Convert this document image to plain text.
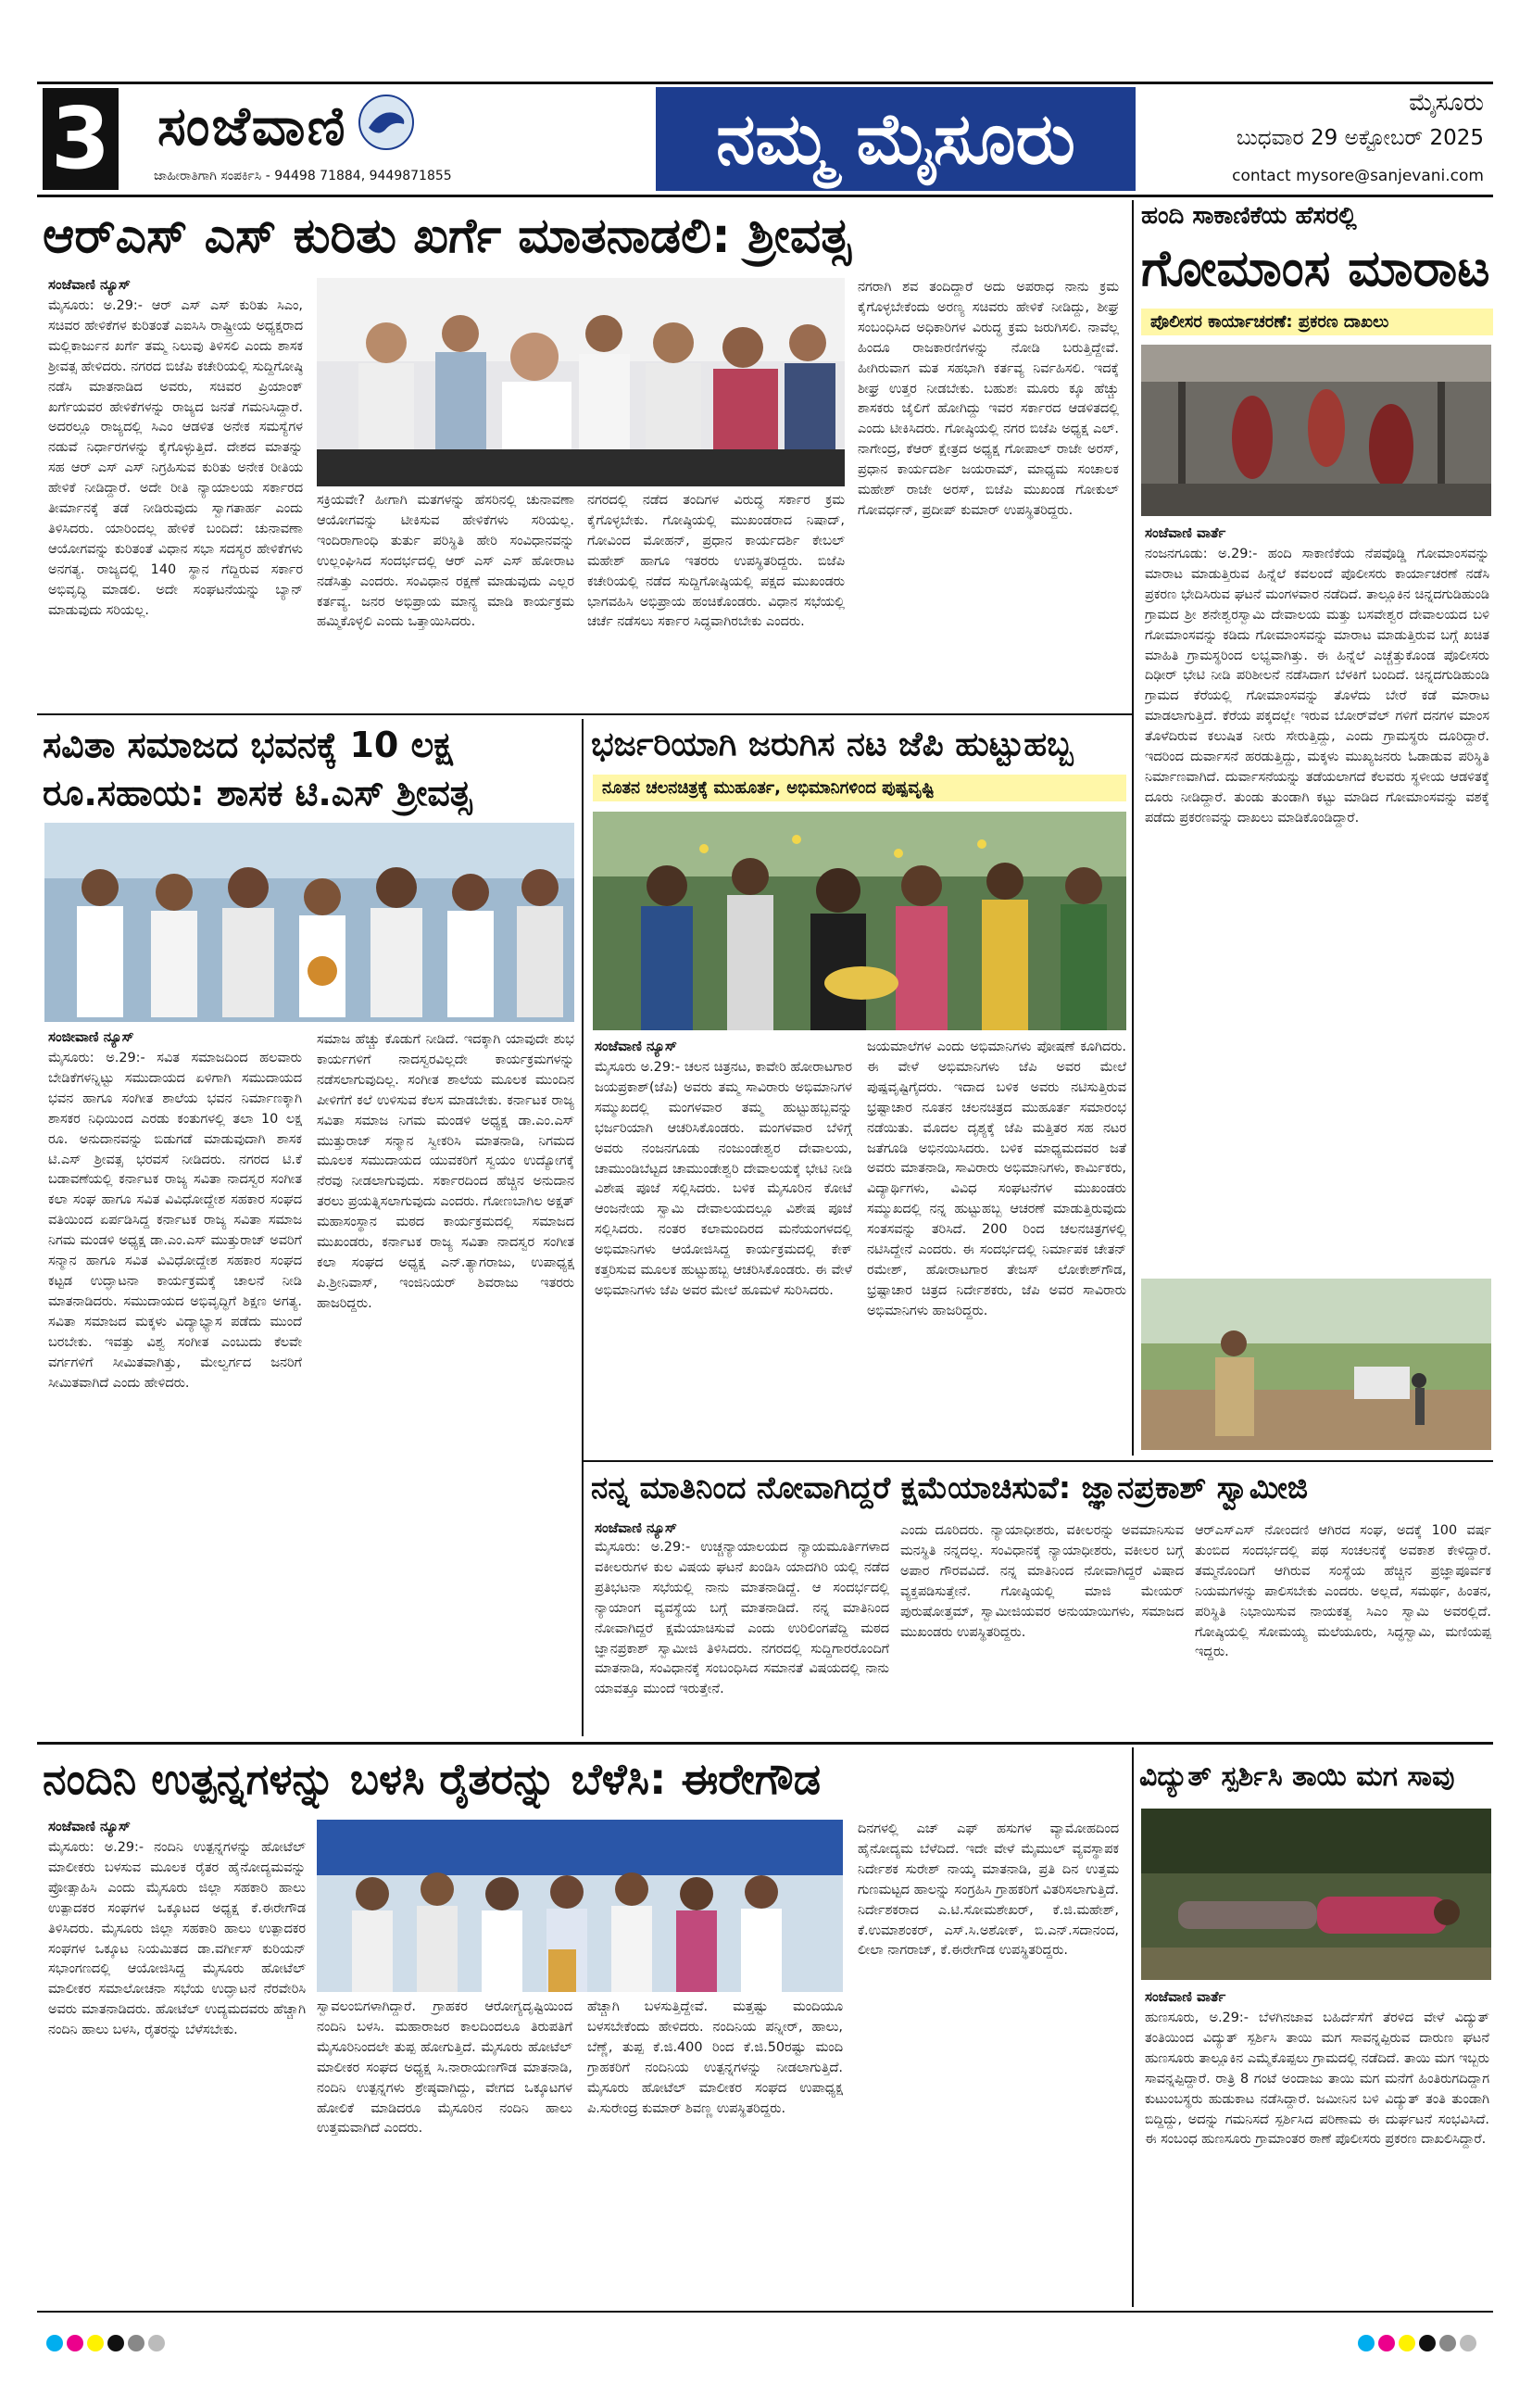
3 ಸಂಜೆವಾಣಿ
ಜಾಹೀರಾತಿಗಾಗಿ ಸಂಪರ್ಕಿಸಿ - 94498 71884, 9449871855	ನಮ್ಮ ಮೈಸೂರು	ಮೈಸೂರು
ಬುಧವಾರ 29 ಅಕ್ಟೋಬರ್ 2025
contact mysore@sanjevani.com
ಆರ್‌ಎಸ್ ಎಸ್ ಕುರಿತು ಖರ್ಗೆ ಮಾತನಾಡಲಿ: ಶ್ರೀವತ್ಸ
ಸಂಜೆವಾಣಿ ನ್ಯೂಸ್
ಮೈಸೂರು: ಅ.29:- ಆರ್ ಎಸ್ ಎಸ್ ಕುರಿತು ಸಿಎಂ, ಸಚಿವರ ಹೇಳಿಕೆಗಳ ಕುರಿತಂತೆ ಎಐಸಿಸಿ ರಾಷ್ಟ್ರೀಯ ಅಧ್ಯಕ್ಷರಾದ ಮಲ್ಲಿಕಾರ್ಜುನ ಖರ್ಗೆ ತಮ್ಮ ನಿಲುವು ತಿಳಿಸಲಿ ಎಂದು ಶಾಸಕ ಶ್ರೀವತ್ಸ ಹೇಳಿದರು. ನಗರದ ಬಿಜೆಪಿ ಕಚೇರಿಯಲ್ಲಿ ಸುದ್ದಿಗೋಷ್ಠಿ ನಡೆಸಿ ಮಾತನಾಡಿದ ಅವರು, ಸಚಿವರ ಪ್ರಿಯಾಂಕ್ ಖರ್ಗೆಯವರ ಹೇಳಿಕೆಗಳನ್ನು ರಾಜ್ಯದ ಜನತೆ ಗಮನಿಸಿದ್ದಾರೆ. ಅದರಲ್ಲೂ ರಾಜ್ಯದಲ್ಲಿ ಸಿಎಂ ಆಡಳಿತ ಅನೇಕ ಸಮಸ್ಯೆಗಳ ನಡುವೆ ನಿರ್ಧಾರಗಳನ್ನು ಕೈಗೊಳ್ಳುತ್ತಿದೆ. ದೇಶದ ಮಾತನ್ನು ಸಹ ಆರ್ ಎಸ್ ಎಸ್ ನಿಗ್ರಹಿಸುವ ಕುರಿತು ಅನೇಕ ರೀತಿಯ ಹೇಳಿಕೆ ನೀಡಿದ್ದಾರೆ. ಅದೇ ರೀತಿ ನ್ಯಾಯಾಲಯ ಸರ್ಕಾರದ ತೀರ್ಮಾನಕ್ಕೆ ತಡೆ ನೀಡಿರುವುದು ಸ್ವಾಗತಾರ್ಹ ಎಂದು ತಿಳಿಸಿದರು. ಯಾರಿಂದಲ್ಲ ಹೇಳಿಕೆ ಬಂದಿದೆ: ಚುನಾವಣಾ ಆಯೋಗವನ್ನು ಕುರಿತಂತೆ ವಿಧಾನ ಸಭಾ ಸದಸ್ಯರ ಹೇಳಿಕೆಗಳು ಅನಗತ್ಯ. ರಾಜ್ಯದಲ್ಲಿ 140 ಸ್ಥಾನ ಗೆದ್ದಿರುವ ಸರ್ಕಾರ ಅಭಿವೃದ್ಧಿ ಮಾಡಲಿ. ಅದೇ ಸಂಘಟನೆಯನ್ನು ಬ್ಯಾನ್ ಮಾಡುವುದು ಸರಿಯಲ್ಲ.
ಸಕ್ರಿಯವೇ? ಹೀಗಾಗಿ ಮತಗಳನ್ನು ಹೆಸರಿನಲ್ಲಿ ಚುನಾವಣಾ ಆಯೋಗವನ್ನು ಟೀಕಿಸುವ ಹೇಳಿಕೆಗಳು ಸರಿಯಲ್ಲ. ಇಂದಿರಾಗಾಂಧಿ ತುರ್ತು ಪರಿಸ್ಥಿತಿ ಹೇರಿ ಸಂವಿಧಾನವನ್ನು ಉಲ್ಲಂಘಿಸಿದ ಸಂದರ್ಭದಲ್ಲಿ ಆರ್ ಎಸ್ ಎಸ್ ಹೋರಾಟ ನಡೆಸಿತ್ತು ಎಂದರು. ಸಂವಿಧಾನ ರಕ್ಷಣೆ ಮಾಡುವುದು ಎಲ್ಲರ ಕರ್ತವ್ಯ. ಜನರ ಅಭಿಪ್ರಾಯ ಮಾನ್ಯ ಮಾಡಿ ಕಾರ್ಯಕ್ರಮ ಹಮ್ಮಿಕೊಳ್ಳಲಿ ಎಂದು ಒತ್ತಾಯಿಸಿದರು.
ನಗರದಲ್ಲಿ ನಡೆದ ತಂದಿಗಳ ವಿರುದ್ಧ ಸರ್ಕಾರ ಕ್ರಮ ಕೈಗೊಳ್ಳಬೇಕು. ಗೋಷ್ಠಿಯಲ್ಲಿ ಮುಖಂಡರಾದ ನಿಷಾದ್, ಗೋವಿಂದ ಮೋಹನ್, ಪ್ರಧಾನ ಕಾರ್ಯದರ್ಶಿ ಕೇಬಲ್ ಮಹೇಶ್ ಹಾಗೂ ಇತರರು ಉಪಸ್ಥಿತರಿದ್ದರು. ಬಿಜೆಪಿ ಕಚೇರಿಯಲ್ಲಿ ನಡೆದ ಸುದ್ದಿಗೋಷ್ಠಿಯಲ್ಲಿ ಪಕ್ಷದ ಮುಖಂಡರು ಭಾಗವಹಿಸಿ ಅಭಿಪ್ರಾಯ ಹಂಚಿಕೊಂಡರು. ವಿಧಾನ ಸಭೆಯಲ್ಲಿ ಚರ್ಚೆ ನಡೆಸಲು ಸರ್ಕಾರ ಸಿದ್ಧವಾಗಿರಬೇಕು ಎಂದರು.
ನಗರಾಗಿ ಶವ ತಂದಿದ್ದಾರೆ ಅದು ಅಪರಾಧ ನಾನು ಕ್ರಮ ಕೈಗೊಳ್ಳಬೇಕೆಂದು ಅರಣ್ಯ ಸಚಿವರು ಹೇಳಿಕೆ ನೀಡಿದ್ದು, ಶೀಘ್ರ ಸಂಬಂಧಿಸಿದ ಅಧಿಕಾರಿಗಳ ವಿರುದ್ಧ ಕ್ರಮ ಜರುಗಿಸಲಿ. ನಾವೆಲ್ಲ ಹಿಂದೂ ರಾಜಕಾರಣಿಗಳನ್ನು ನೋಡಿ ಬರುತ್ತಿದ್ದೇವೆ. ಹೀಗಿರುವಾಗ ಮತ ಸಹಭಾಗಿ ಕರ್ತವ್ಯ ನಿರ್ವಹಿಸಲಿ. ಇದಕ್ಕೆ ಶೀಘ್ರ ಉತ್ತರ ನೀಡಬೇಕು. ಬಹುಶಃ ಮೂರು ಕ್ಕೂ ಹೆಚ್ಚು ಶಾಸಕರು ಜೈಲಿಗೆ ಹೋಗಿದ್ದು ಇವರ ಸರ್ಕಾರದ ಆಡಳಿತದಲ್ಲಿ ಎಂದು ಟೀಕಿಸಿದರು. ಗೋಷ್ಠಿಯಲ್ಲಿ ನಗರ ಬಿಜೆಪಿ ಅಧ್ಯಕ್ಷ ಎಲ್. ನಾಗೇಂದ್ರ, ಕೆಆರ್ ಕ್ಷೇತ್ರದ ಅಧ್ಯಕ್ಷ ಗೋಪಾಲ್ ರಾಜೇ ಅರಸ್, ಪ್ರಧಾನ ಕಾರ್ಯದರ್ಶಿ ಜಯರಾಮ್, ಮಾಧ್ಯಮ ಸಂಚಾಲಕ ಮಹೇಶ್ ರಾಜೇ ಅರಸ್, ಬಿಜೆಪಿ ಮುಖಂಡ ಗೋಕುಲ್ ಗೋವರ್ಧನ್, ಪ್ರದೀಪ್ ಕುಮಾರ್ ಉಪಸ್ಥಿತರಿದ್ದರು.
ಹಂದಿ ಸಾಕಾಣಿಕೆಯ ಹೆಸರಲ್ಲಿ
ಗೋಮಾಂಸ ಮಾರಾಟ
ಪೊಲೀಸರ ಕಾರ್ಯಾಚರಣೆ: ಪ್ರಕರಣ ದಾಖಲು
ಸಂಜೆವಾಣಿ ವಾರ್ತೆ
ನಂಜನಗೂಡು: ಅ.29:- ಹಂದಿ ಸಾಕಾಣಿಕೆಯ ನೆಪವೊಡ್ಡಿ ಗೋಮಾಂಸವನ್ನು ಮಾರಾಟ ಮಾಡುತ್ತಿರುವ ಹಿನ್ನೆಲೆ ಕವಲಂದೆ ಪೊಲೀಸರು ಕಾರ್ಯಾಚರಣೆ ನಡೆಸಿ ಪ್ರಕರಣ ಭೇದಿಸಿರುವ ಘಟನೆ ಮಂಗಳವಾರ ನಡೆದಿದೆ. ತಾಲ್ಲೂಕಿನ ಚಿನ್ನದಗುಡಿಹುಂಡಿ ಗ್ರಾಮದ ಶ್ರೀ ಶನೇಶ್ವರಸ್ವಾಮಿ ದೇವಾಲಯ ಮತ್ತು ಬಸವೇಶ್ವರ ದೇವಾಲಯದ ಬಳಿ ಗೋಮಾಂಸವನ್ನು ಕಡಿದು ಗೋಮಾಂಸವನ್ನು ಮಾರಾಟ ಮಾಡುತ್ತಿರುವ ಬಗ್ಗೆ ಖಚಿತ ಮಾಹಿತಿ ಗ್ರಾಮಸ್ಥರಿಂದ ಲಭ್ಯವಾಗಿತ್ತು. ಈ ಹಿನ್ನೆಲೆ ಎಚ್ಚೆತ್ತುಕೊಂಡ ಪೊಲೀಸರು ದಿಢೀರ್ ಭೇಟಿ ನೀಡಿ ಪರಿಶೀಲನೆ ನಡೆಸಿದಾಗ ಬೆಳಕಿಗೆ ಬಂದಿದೆ. ಚಿನ್ನದಗುಡಿಹುಂಡಿ ಗ್ರಾಮದ ಕೆರೆಯಲ್ಲಿ ಗೋಮಾಂಸವನ್ನು ತೊಳೆದು ಬೇರೆ ಕಡೆ ಮಾರಾಟ ಮಾಡಲಾಗುತ್ತಿದೆ. ಕೆರೆಯ ಪಕ್ಕದಲ್ಲೇ ಇರುವ ಬೋರ್‌ವೆಲ್ ಗಳಿಗೆ ದನಗಳ ಮಾಂಸ ತೊಳೆದಿರುವ ಕಲುಷಿತ ನೀರು ಸೇರುತ್ತಿದ್ದು, ಎಂದು ಗ್ರಾಮಸ್ಥರು ದೂರಿದ್ದಾರೆ. ಇದರಿಂದ ದುರ್ವಾಸನೆ ಹರಡುತ್ತಿದ್ದು, ಮಕ್ಕಳು ಮುಖ್ಯಜನರು ಓಡಾಡುವ ಪರಿಸ್ಥಿತಿ ನಿರ್ಮಾಣವಾಗಿದೆ. ದುರ್ವಾಸನೆಯನ್ನು ತಡೆಯಲಾಗದೆ ಕೆಲವರು ಸ್ಥಳೀಯ ಆಡಳಿತಕ್ಕೆ ದೂರು ನೀಡಿದ್ದಾರೆ. ತುಂಡು ತುಂಡಾಗಿ ಕಟ್ಟು ಮಾಡಿದ ಗೋಮಾಂಸವನ್ನು ವಶಕ್ಕೆ ಪಡೆದು ಪ್ರಕರಣವನ್ನು ದಾಖಲು ಮಾಡಿಕೊಂಡಿದ್ದಾರೆ.
ಸವಿತಾ ಸಮಾಜದ ಭವನಕ್ಕೆ 10 ಲಕ್ಷ
ರೂ.ಸಹಾಯ: ಶಾಸಕ ಟಿ.ಎಸ್ ಶ್ರೀವತ್ಸ
ಸಂಜೀವಾಣಿ ನ್ಯೂಸ್
ಮೈಸೂರು: ಅ.29:- ಸವಿತ ಸಮಾಜದಿಂದ ಹಲವಾರು ಬೇಡಿಕೆಗಳನ್ನಿಟ್ಟು ಸಮುದಾಯದ ಏಳಿಗಾಗಿ ಸಮುದಾಯದ ಭವನ ಹಾಗೂ ಸಂಗೀತ ಶಾಲೆಯ ಭವನ ನಿರ್ಮಾಣಕ್ಕಾಗಿ ಶಾಸಕರ ನಿಧಿಯಿಂದ ಎರಡು ಕಂತುಗಳಲ್ಲಿ ತಲಾ 10 ಲಕ್ಷ ರೂ. ಅನುದಾನವನ್ನು ಬಿಡುಗಡೆ ಮಾಡುವುದಾಗಿ ಶಾಸಕ ಟಿ.ಎಸ್ ಶ್ರೀವತ್ಸ ಭರವಸೆ ನೀಡಿದರು. ನಗರದ ಟಿ.ಕೆ ಬಡಾವಣೆಯಲ್ಲಿ ಕರ್ನಾಟಕ ರಾಜ್ಯ ಸವಿತಾ ನಾದಸ್ವರ ಸಂಗೀತ ಕಲಾ ಸಂಘ ಹಾಗೂ ಸವಿತ ವಿವಿಧೋದ್ದೇಶ ಸಹಕಾರ ಸಂಘದ ವತಿಯಿಂದ ಏರ್ಪಡಿಸಿದ್ದ ಕರ್ನಾಟಕ ರಾಜ್ಯ ಸವಿತಾ ಸಮಾಜ ನಿಗಮ ಮಂಡಳಿ ಅಧ್ಯಕ್ಷ ಡಾ.ಎಂ.ಎಸ್ ಮುತ್ತುರಾಜ್ ಅವರಿಗೆ ಸನ್ಮಾನ ಹಾಗೂ ಸವಿತ ವಿವಿಧೋದ್ದೇಶ ಸಹಕಾರ ಸಂಘದ ಕಟ್ಟಡ ಉದ್ಘಾಟನಾ ಕಾರ್ಯಕ್ರಮಕ್ಕೆ ಚಾಲನೆ ನೀಡಿ ಮಾತನಾಡಿದರು. ಸಮುದಾಯದ ಅಭಿವೃದ್ಧಿಗೆ ಶಿಕ್ಷಣ ಅಗತ್ಯ. ಸವಿತಾ ಸಮಾಜದ ಮಕ್ಕಳು ವಿದ್ಯಾಭ್ಯಾಸ ಪಡೆದು ಮುಂದೆ ಬರಬೇಕು. ಇವತ್ತು ವಿಶ್ವ ಸಂಗೀತ ಎಂಬುದು ಕೆಲವೇ ವರ್ಗಗಳಿಗೆ ಸೀಮಿತವಾಗಿತ್ತು, ಮೇಲ್ವರ್ಗದ ಜನರಿಗೆ ಸೀಮಿತವಾಗಿದೆ ಎಂದು ಹೇಳಿದರು.
ಸಮಾಜ ಹೆಚ್ಚು ಕೊಡುಗೆ ನೀಡಿದೆ. ಇದಕ್ಕಾಗಿ ಯಾವುದೇ ಶುಭ ಕಾರ್ಯಗಳಿಗೆ ನಾದಸ್ವರವಿಲ್ಲದೇ ಕಾರ್ಯಕ್ರಮಗಳನ್ನು ನಡೆಸಲಾಗುವುದಿಲ್ಲ. ಸಂಗೀತ ಶಾಲೆಯ ಮೂಲಕ ಮುಂದಿನ ಪೀಳಿಗೆಗೆ ಕಲೆ ಉಳಿಸುವ ಕೆಲಸ ಮಾಡಬೇಕು. ಕರ್ನಾಟಕ ರಾಜ್ಯ ಸವಿತಾ ಸಮಾಜ ನಿಗಮ ಮಂಡಳಿ ಅಧ್ಯಕ್ಷ ಡಾ.ಎಂ.ಎಸ್ ಮುತ್ತುರಾಜ್ ಸನ್ಮಾನ ಸ್ವೀಕರಿಸಿ ಮಾತನಾಡಿ, ನಿಗಮದ ಮೂಲಕ ಸಮುದಾಯದ ಯುವಕರಿಗೆ ಸ್ವಯಂ ಉದ್ಯೋಗಕ್ಕೆ ನೆರವು ನೀಡಲಾಗುವುದು. ಸರ್ಕಾರದಿಂದ ಹೆಚ್ಚಿನ ಅನುದಾನ ತರಲು ಪ್ರಯತ್ನಿಸಲಾಗುವುದು ಎಂದರು. ಗೋಣಬಾಗಿಲ ಅಕ್ಷತ್ ಮಹಾಸಂಸ್ಥಾನ ಮಠದ ಕಾರ್ಯಕ್ರಮದಲ್ಲಿ ಸಮಾಜದ ಮುಖಂಡರು, ಕರ್ನಾಟಕ ರಾಜ್ಯ ಸವಿತಾ ನಾದಸ್ವರ ಸಂಗೀತ ಕಲಾ ಸಂಘದ ಅಧ್ಯಕ್ಷ ಎನ್.ತ್ಯಾಗರಾಜು, ಉಪಾಧ್ಯಕ್ಷ ಪಿ.ಶ್ರೀನಿವಾಸ್, ಇಂಜಿನಿಯರ್ ಶಿವರಾಜು ಇತರರು ಹಾಜರಿದ್ದರು.
ಭರ್ಜರಿಯಾಗಿ ಜರುಗಿಸ ನಟ ಜೆಪಿ ಹುಟ್ಟುಹಬ್ಬ
ನೂತನ ಚಲನಚಿತ್ರಕ್ಕೆ ಮುಹೂರ್ತ, ಅಭಿಮಾನಿಗಳಿಂದ ಪುಷ್ಪವೃಷ್ಟಿ
ಸಂಜೆವಾಣಿ ನ್ಯೂಸ್
ಮೈಸೂರು ಅ.29:- ಚಲನ ಚಿತ್ರನಟ, ಕಾವೇರಿ ಹೋರಾಟಗಾರ ಜಯಪ್ರಕಾಶ್(ಜೆಪಿ) ಅವರು ತಮ್ಮ ಸಾವಿರಾರು ಅಭಿಮಾನಿಗಳ ಸಮ್ಮುಖದಲ್ಲಿ ಮಂಗಳವಾರ ತಮ್ಮ ಹುಟ್ಟುಹಬ್ಬವನ್ನು ಭರ್ಜರಿಯಾಗಿ ಆಚರಿಸಿಕೊಂಡರು. ಮಂಗಳವಾರ ಬೆಳಿಗ್ಗೆ ಅವರು ನಂಜನಗೂಡು ನಂಜುಂಡೇಶ್ವರ ದೇವಾಲಯ, ಚಾಮುಂಡಿಬೆಟ್ಟದ ಚಾಮುಂಡೇಶ್ವರಿ ದೇವಾಲಯಕ್ಕೆ ಭೇಟಿ ನೀಡಿ ವಿಶೇಷ ಪೂಜೆ ಸಲ್ಲಿಸಿದರು. ಬಳಿಕ ಮೈಸೂರಿನ ಕೋಟೆ ಆಂಜನೇಯ ಸ್ವಾಮಿ ದೇವಾಲಯದಲ್ಲೂ ವಿಶೇಷ ಪೂಜೆ ಸಲ್ಲಿಸಿದರು. ನಂತರ ಕಲಾಮಂದಿರದ ಮನೆಯಂಗಳದಲ್ಲಿ ಅಭಿಮಾನಿಗಳು ಆಯೋಜಿಸಿದ್ದ ಕಾರ್ಯಕ್ರಮದಲ್ಲಿ ಕೇಕ್ ಕತ್ತರಿಸುವ ಮೂಲಕ ಹುಟ್ಟುಹಬ್ಬ ಆಚರಿಸಿಕೊಂಡರು. ಈ ವೇಳೆ ಅಭಿಮಾನಿಗಳು ಜೆಪಿ ಅವರ ಮೇಲೆ ಹೂಮಳೆ ಸುರಿಸಿದರು.
ಜಯಮಾಲೆಗಳ ಎಂದು ಅಭಿಮಾನಿಗಳು ಪೋಷಣೆ ಕೂಗಿದರು. ಈ ವೇಳೆ ಅಭಿಮಾನಿಗಳು ಜೆಪಿ ಅವರ ಮೇಲೆ ಪುಷ್ಪವೃಷ್ಟಿಗೈದರು. ಇದಾದ ಬಳಿಕ ಅವರು ನಟಿಸುತ್ತಿರುವ ಭ್ರಷ್ಟಾಚಾರ ನೂತನ ಚಲನಚಿತ್ರದ ಮುಹೂರ್ತ ಸಮಾರಂಭ ನಡೆಯಿತು. ಮೊದಲ ದೃಶ್ಯಕ್ಕೆ ಜೆಪಿ ಮತ್ತಿತರ ಸಹ ನಟರ ಜತೆಗೂಡಿ ಅಭಿನಯಿಸಿದರು. ಬಳಿಕ ಮಾಧ್ಯಮದವರ ಜತೆ ಅವರು ಮಾತನಾಡಿ, ಸಾವಿರಾರು ಅಭಿಮಾನಿಗಳು, ಕಾರ್ಮಿಕರು, ವಿದ್ಯಾರ್ಥಿಗಳು, ವಿವಿಧ ಸಂಘಟನೆಗಳ ಮುಖಂಡರು ಸಮ್ಮುಖದಲ್ಲಿ ನನ್ನ ಹುಟ್ಟುಹಬ್ಬ ಆಚರಣೆ ಮಾಡುತ್ತಿರುವುದು ಸಂತಸವನ್ನು ತರಿಸಿದೆ. 200 ರಿಂದ ಚಲನಚಿತ್ರಗಳಲ್ಲಿ ನಟಿಸಿದ್ದೇನೆ ಎಂದರು. ಈ ಸಂದರ್ಭದಲ್ಲಿ ನಿರ್ಮಾಪಕ ಚೇತನ್ ರಮೇಶ್, ಹೋರಾಟಗಾರ ತೇಜಸ್ ಲೋಕೇಶ್‌ಗೌಡ, ಭ್ರಷ್ಟಾಚಾರ ಚಿತ್ರದ ನಿರ್ದೇಶಕರು, ಜೆಪಿ ಅವರ ಸಾವಿರಾರು ಅಭಿಮಾನಿಗಳು ಹಾಜರಿದ್ದರು.
ನನ್ನ ಮಾತಿನಿಂದ ನೋವಾಗಿದ್ದರೆ ಕ್ಷಮೆಯಾಚಿಸುವೆ: ಜ್ಞಾನಪ್ರಕಾಶ್ ಸ್ವಾಮೀಜಿ
ಸಂಜೆವಾಣಿ ನ್ಯೂಸ್
ಮೈಸೂರು: ಅ.29:- ಉಚ್ಚನ್ಯಾಯಾಲಯದ ನ್ಯಾಯಮೂರ್ತಿಗಳಾದ ವಕೀಲರುಗಳ ಕುಲ ವಿಷಯ ಘಟನೆ ಖಂಡಿಸಿ ಯಾದಗಿರಿ ಯಲ್ಲಿ ನಡೆದ ಪ್ರತಿಭಟನಾ ಸಭೆಯಲ್ಲಿ ನಾನು ಮಾತನಾಡಿದ್ದೆ. ಆ ಸಂದರ್ಭದಲ್ಲಿ ನ್ಯಾಯಾಂಗ ವ್ಯವಸ್ಥೆಯ ಬಗ್ಗೆ ಮಾತನಾಡಿದೆ. ನನ್ನ ಮಾತಿನಿಂದ ನೋವಾಗಿದ್ದರೆ ಕ್ಷಮೆಯಾಚಿಸುವೆ ಎಂದು ಉರಿಲಿಂಗಪೆದ್ದಿ ಮಠದ ಜ್ಞಾನಪ್ರಕಾಶ್ ಸ್ವಾಮೀಜಿ ತಿಳಿಸಿದರು. ನಗರದಲ್ಲಿ ಸುದ್ದಿಗಾರರೊಂದಿಗೆ ಮಾತನಾಡಿ, ಸಂವಿಧಾನಕ್ಕೆ ಸಂಬಂಧಿಸಿದ ಸಮಾನತೆ ವಿಷಯದಲ್ಲಿ ನಾನು ಯಾವತ್ತೂ ಮುಂದೆ ಇರುತ್ತೇನೆ.
ಎಂದು ದೂರಿದರು. ನ್ಯಾಯಾಧೀಶರು, ವಕೀಲರನ್ನು ಅವಮಾನಿಸುವ ಮನಸ್ಥಿತಿ ನನ್ನದಲ್ಲ. ಸಂವಿಧಾನಕ್ಕೆ ನ್ಯಾಯಾಧೀಶರು, ವಕೀಲರ ಬಗ್ಗೆ ಅಪಾರ ಗೌರವವಿದೆ. ನನ್ನ ಮಾತಿನಿಂದ ನೋವಾಗಿದ್ದರೆ ವಿಷಾದ ವ್ಯಕ್ತಪಡಿಸುತ್ತೇನೆ. ಗೋಷ್ಠಿಯಲ್ಲಿ ಮಾಜಿ ಮೇಯರ್ ಪುರುಷೋತ್ತಮ್, ಸ್ವಾಮೀಜಿಯವರ ಅನುಯಾಯಿಗಳು, ಸಮಾಜದ ಮುಖಂಡರು ಉಪಸ್ಥಿತರಿದ್ದರು.
ಆರ್‌ಎಸ್‌ಎಸ್ ನೋಂದಣಿ ಆಗಿರದ ಸಂಘ, ಅದಕ್ಕೆ 100 ವರ್ಷ ತುಂಬಿದ ಸಂದರ್ಭದಲ್ಲಿ ಪಥ ಸಂಚಲನಕ್ಕೆ ಅವಕಾಶ ಕೇಳಿದ್ದಾರೆ. ತಮ್ಮನೊಂದಿಗೆ ಆಗಿರುವ ಸಂಸ್ಥೆಯ ಹೆಚ್ಚಿನ ಪ್ರಜ್ಞಾಪೂರ್ವಕ ನಿಯಮಗಳನ್ನು ಪಾಲಿಸಬೇಕು ಎಂದರು. ಅಲ್ಲದೆ, ಸಮರ್ಥ, ಹಿಂತನ, ಪರಿಸ್ಥಿತಿ ನಿಭಾಯಿಸುವ ನಾಯಕತ್ವ ಸಿಎಂ ಸ್ವಾಮಿ ಅವರಲ್ಲಿದೆ. ಗೋಷ್ಠಿಯಲ್ಲಿ ಸೋಮಯ್ಯ ಮಲೆಯೂರು, ಸಿದ್ಧಸ್ವಾಮಿ, ಮಣಿಯಪ್ಪ ಇದ್ದರು.
ನಂದಿನಿ ಉತ್ಪನ್ನಗಳನ್ನು ಬಳಸಿ ರೈತರನ್ನು ಬೆಳೆಸಿ: ಈರೇಗೌಡ
ಸಂಜೆವಾಣಿ ನ್ಯೂಸ್
ಮೈಸೂರು: ಅ.29:- ನಂದಿನಿ ಉತ್ಪನ್ನಗಳನ್ನು ಹೋಟೆಲ್ ಮಾಲೀಕರು ಬಳಸುವ ಮೂಲಕ ರೈತರ ಹೈನೋದ್ಯಮವನ್ನು ಪ್ರೋತ್ಸಾಹಿಸಿ ಎಂದು ಮೈಸೂರು ಜಿಲ್ಲಾ ಸಹಕಾರಿ ಹಾಲು ಉತ್ಪಾದಕರ ಸಂಘಗಳ ಒಕ್ಕೂಟದ ಅಧ್ಯಕ್ಷ ಕೆ.ಈರೇಗೌಡ ತಿಳಿಸಿದರು. ಮೈಸೂರು ಜಿಲ್ಲಾ ಸಹಕಾರಿ ಹಾಲು ಉತ್ಪಾದಕರ ಸಂಘಗಳ ಒಕ್ಕೂಟ ನಿಯಮಿತದ ಡಾ.ವರ್ಗೀಸ್ ಕುರಿಯನ್ ಸಭಾಂಗಣದಲ್ಲಿ ಆಯೋಜಿಸಿದ್ದ ಮೈಸೂರು ಹೋಟೆಲ್ ಮಾಲೀಕರ ಸಮಾಲೋಚನಾ ಸಭೆಯ ಉದ್ಘಾಟನೆ ನೆರವೇರಿಸಿ ಅವರು ಮಾತನಾಡಿದರು. ಹೋಟೆಲ್ ಉದ್ಯಮದವರು ಹೆಚ್ಚಾಗಿ ನಂದಿನಿ ಹಾಲು ಬಳಸಿ, ರೈತರನ್ನು ಬೆಳೆಸಬೇಕು.
ಸ್ವಾವಲಂಬಿಗಳಾಗಿದ್ದಾರೆ. ಗ್ರಾಹಕರ ಆರೋಗ್ಯದೃಷ್ಟಿಯಿಂದ ನಂದಿನಿ ಬಳಸಿ. ಮಹಾರಾಜರ ಕಾಲದಿಂದಲೂ ತಿರುಪತಿಗೆ ಮೈಸೂರಿನಿಂದಲೇ ತುಪ್ಪ ಹೋಗುತ್ತಿದೆ. ಮೈಸೂರು ಹೋಟೆಲ್ ಮಾಲೀಕರ ಸಂಘದ ಅಧ್ಯಕ್ಷ ಸಿ.ನಾರಾಯಣಗೌಡ ಮಾತನಾಡಿ, ನಂದಿನಿ ಉತ್ಪನ್ನಗಳು ಶ್ರೇಷ್ಠವಾಗಿದ್ದು, ವೇಗದ ಒಕ್ಕೂಟಗಳ ಹೋಲಿಕೆ ಮಾಡಿದರೂ ಮೈಸೂರಿನ ನಂದಿನಿ ಹಾಲು ಉತ್ತಮವಾಗಿದೆ ಎಂದರು.
ಹೆಚ್ಚಾಗಿ ಬಳಸುತ್ತಿದ್ದೇವೆ. ಮತ್ತಷ್ಟು ಮಂದಿಯೂ ಬಳಸಬೇಕೆಂದು ಹೇಳಿದರು. ನಂದಿನಿಯ ಪನ್ನೀರ್, ಹಾಲು, ಬೆಣ್ಣೆ, ತುಪ್ಪ ಕೆ.ಜಿ.400 ರಿಂದ ಕೆ.ಜಿ.50ರಷ್ಟು ಮಂದಿ ಗ್ರಾಹಕರಿಗೆ ನಂದಿನಿಯ ಉತ್ಪನ್ನಗಳನ್ನು ನೀಡಲಾಗುತ್ತಿದೆ. ಮೈಸೂರು ಹೋಟೆಲ್ ಮಾಲೀಕರ ಸಂಘದ ಉಪಾಧ್ಯಕ್ಷ ಪಿ.ಸುರೇಂದ್ರ ಕುಮಾರ್ ಶಿವಣ್ಣ ಉಪಸ್ಥಿತರಿದ್ದರು.
ದಿನಗಳಲ್ಲಿ ಎಚ್ ಎಫ್ ಹಸುಗಳ ವ್ಯಾಮೋಹದಿಂದ ಹೈನೋದ್ಯಮ ಬೆಳೆದಿದೆ. ಇದೇ ವೇಳೆ ಮೈಮುಲ್ ವ್ಯವಸ್ಥಾಪಕ ನಿರ್ದೇಶಕ ಸುರೇಶ್ ನಾಯ್ಕ ಮಾತನಾಡಿ, ಪ್ರತಿ ದಿನ ಉತ್ತಮ ಗುಣಮಟ್ಟದ ಹಾಲನ್ನು ಸಂಗ್ರಹಿಸಿ ಗ್ರಾಹಕರಿಗೆ ವಿತರಿಸಲಾಗುತ್ತಿದೆ. ನಿರ್ದೇಶಕರಾದ ಎ.ಟಿ.ಸೋಮಶೇಖರ್, ಕೆ.ಜಿ.ಮಹೇಶ್, ಕೆ.ಉಮಾಶಂಕರ್, ಎಸ್.ಸಿ.ಅಶೋಕ್, ಬಿ.ಎನ್.ಸದಾನಂದ, ಲೀಲಾ ನಾಗರಾಜ್, ಕೆ.ಈರೇಗೌಡ ಉಪಸ್ಥಿತರಿದ್ದರು.
ವಿದ್ಯುತ್ ಸ್ಪರ್ಶಿಸಿ ತಾಯಿ ಮಗ ಸಾವು
ಸಂಜೆವಾಣಿ ವಾರ್ತೆ
ಹುಣಸೂರು, ಅ.29:- ಬೆಳಗಿನಜಾವ ಬಹಿರ್ದೆಸೆಗೆ ತೆರಳಿದ ವೇಳೆ ವಿದ್ಯುತ್ ತಂತಿಯಿಂದ ವಿದ್ಯುತ್ ಸ್ಪರ್ಶಿಸಿ ತಾಯಿ ಮಗ ಸಾವನ್ನಪ್ಪಿರುವ ದಾರುಣ ಘಟನೆ ಹುಣಸೂರು ತಾಲ್ಲೂಕಿನ ಎಮ್ಮೆಕೊಪ್ಪಲು ಗ್ರಾಮದಲ್ಲಿ ನಡೆದಿದೆ. ತಾಯಿ ಮಗ ಇಬ್ಬರು ಸಾವನ್ನಪ್ಪಿದ್ದಾರೆ. ರಾತ್ರಿ 8 ಗಂಟೆ ಅಂದಾಜು ತಾಯಿ ಮಗ ಮನೆಗೆ ಹಿಂತಿರುಗದಿದ್ದಾಗ ಕುಟುಂಬಸ್ಥರು ಹುಡುಕಾಟ ನಡೆಸಿದ್ದಾರೆ. ಜಮೀನಿನ ಬಳಿ ವಿದ್ಯುತ್ ತಂತಿ ತುಂಡಾಗಿ ಬಿದ್ದಿದ್ದು, ಅದನ್ನು ಗಮನಿಸದೆ ಸ್ಪರ್ಶಿಸಿದ ಪರಿಣಾಮ ಈ ದುರ್ಘಟನೆ ಸಂಭವಿಸಿದೆ. ಈ ಸಂಬಂಧ ಹುಣಸೂರು ಗ್ರಾಮಾಂತರ ಠಾಣೆ ಪೊಲೀಸರು ಪ್ರಕರಣ ದಾಖಲಿಸಿದ್ದಾರೆ.
